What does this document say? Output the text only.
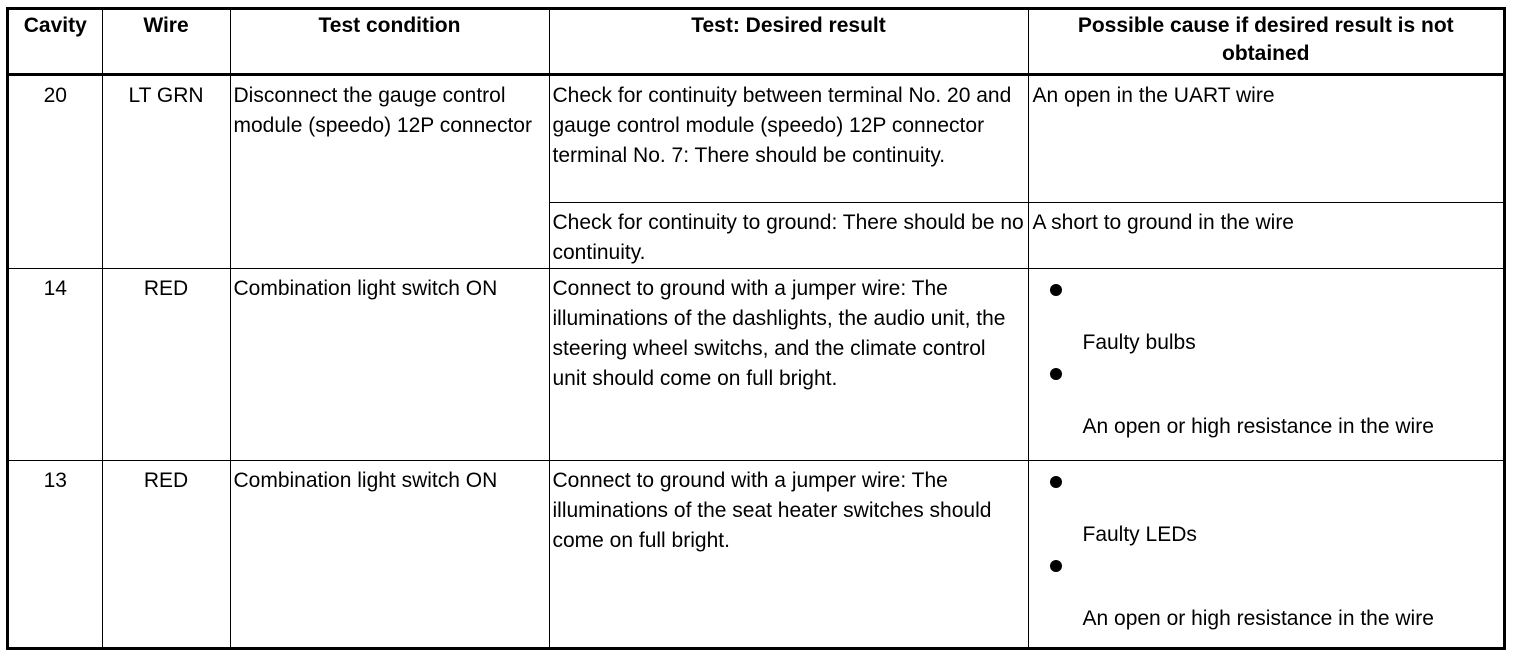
Cavity	Wire	Test condition	Test: Desired result	Possible cause if desired result is not obtained
20	LT GRN	Disconnect the gauge control module (speedo) 12P connector	Check for continuity between terminal No. 20 and gauge control module (speedo) 12P connector terminal No. 7: There should be continuity.	An open in the UART wire
			Check for continuity to ground: There should be no continuity.	A short to ground in the wire
14	RED	Combination light switch ON	Connect to ground with a jumper wire: The illuminations of the dashlights, the audio unit, the steering wheel switchs, and the climate control unit should come on full bright.	Faulty bulbs
An open or high resistance in the wire

13	RED	Combination light switch ON	Connect to ground with a jumper wire: The illuminations of the seat heater switches should come on full bright.	Faulty LEDs
An open or high resistance in the wire
